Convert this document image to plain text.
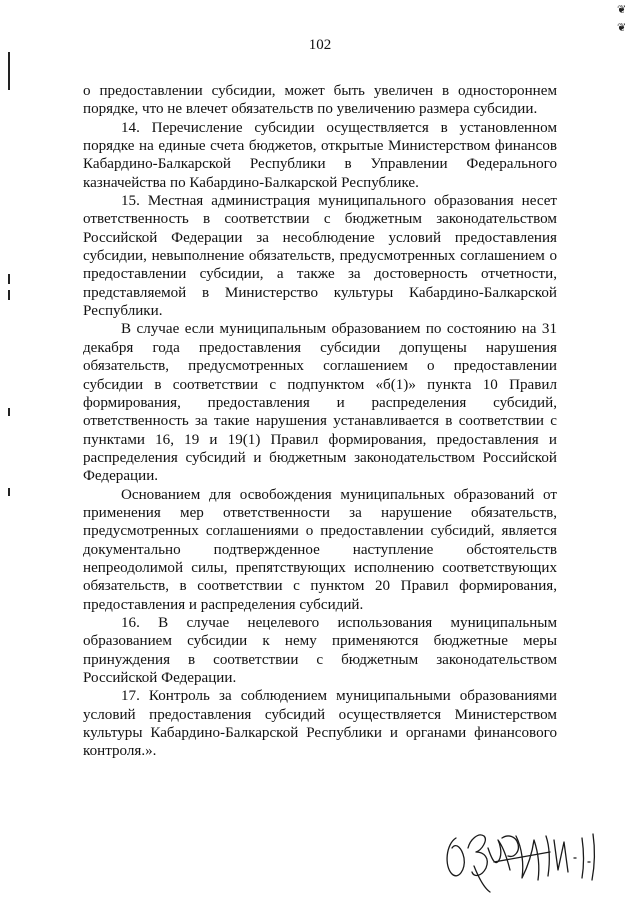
102
❦
❦

о предоставлении субсидии, может быть увеличен в одностороннем порядке, что не влечет обязательств по увеличению размера субсидии.

14. Перечисление субсидии осуществляется в установленном порядке на единые счета бюджетов, открытые Министерством финансов Кабардино-Балкарской Республики в Управлении Федерального казначейства по Кабардино-Балкарской Республике.

15. Местная администрация муниципального образования несет ответственность в соответствии с бюджетным законодательством Российской Федерации за несоблюдение условий предоставления субсидии, невыполнение обязательств, предусмотренных соглашением о предоставлении субсидии, а также за достоверность отчетности, представляемой в Министерство культуры Кабардино-Балкарской Республики.

В случае если муниципальным образованием по состоянию на 31 декабря года предоставления субсидии допущены нарушения обязательств, предусмотренных соглашением о предоставлении субсидии в соответствии с подпунктом «б(1)» пункта 10 Правил формирования, предоставления и распределения субсидий, ответственность за такие нарушения устанавливается в соответствии с пунктами 16, 19 и 19(1) Правил формирования, предоставления и распределения субсидий и бюджетным законодательством Российской Федерации.

Основанием для освобождения муниципальных образований от применения мер ответственности за нарушение обязательств, предусмотренных соглашениями о предоставлении субсидий, является документально подтвержденное наступление обстоятельств непреодолимой силы, препятствующих исполнению соответствующих обязательств, в соответствии с пунктом 20 Правил формирования, предоставления и распределения субсидий.

16. В случае нецелевого использования муниципальным образованием субсидии к нему применяются бюджетные меры принуждения в соответствии с бюджетным законодательством Российской Федерации.

17. Контроль за соблюдением муниципальными образованиями условий предоставления субсидий осуществляется Министерством культуры Кабардино-Балкарской Республики и органами финансового контроля.».
